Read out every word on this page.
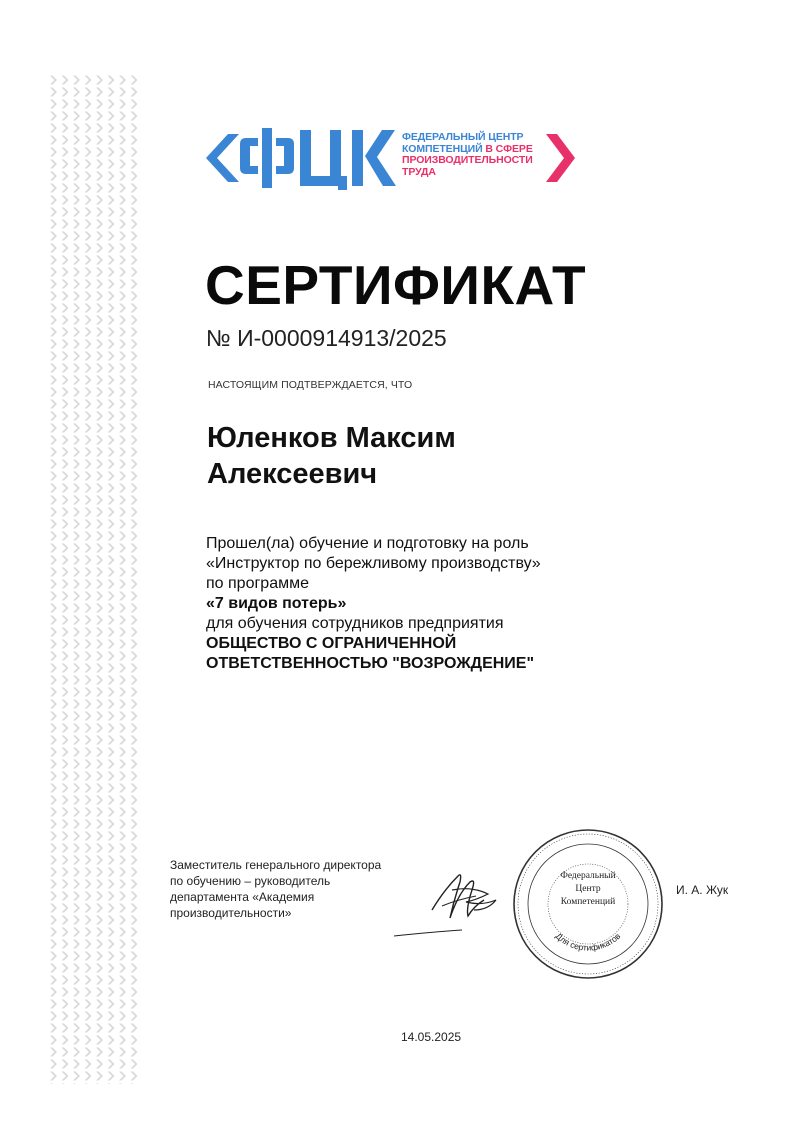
ФЕДЕРАЛЬНЫЙ ЦЕНТР
КОМПЕТЕНЦИЙ В СФЕРЕ
ПРОИЗВОДИТЕЛЬНОСТИ
ТРУДА
СЕРТИФИКАТ
№ И-0000914913/2025
НАСТОЯЩИМ ПОДТВЕРЖДАЕТСЯ, ЧТО
Юленков Максим
Алексеевич
Прошел(ла) обучение и подготовку на роль
«Инструктор по бережливому производству»
по программе
«7 видов потерь»
для обучения сотрудников предприятия
ОБЩЕСТВО С ОГРАНИЧЕННОЙ
ОТВЕТСТВЕННОСТЬЮ "ВОЗРОЖДЕНИЕ"
Заместитель генерального директора
по обучению – руководитель
департамента «Академия
производительности»
Федеральный
Центр
Компетенций
Для сертификатов
И. А. Жук
14.05.2025
